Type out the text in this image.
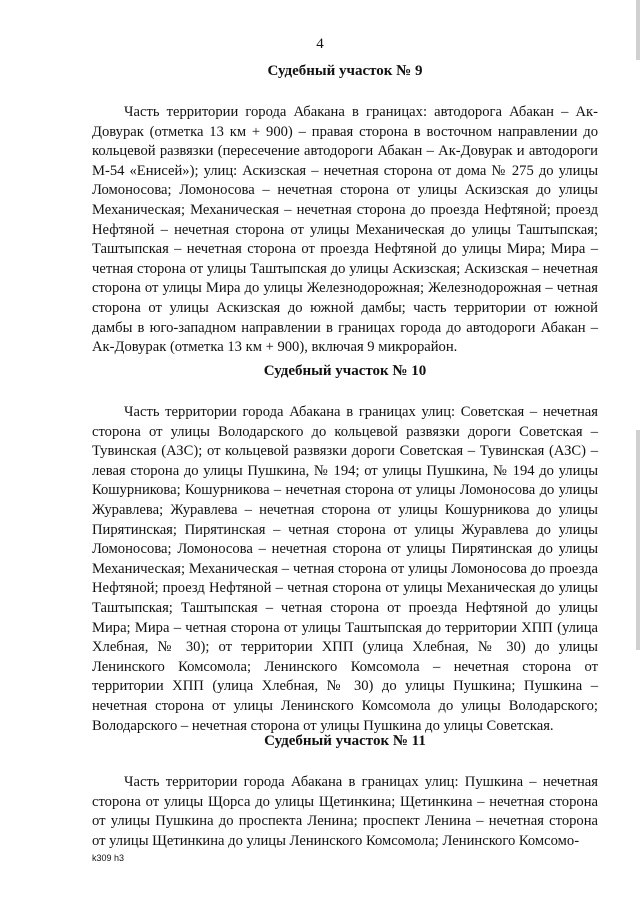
4
Судебный участок № 9

Часть территории города Абакана в границах: автодорога Абакан – Ак-Довурак (отметка 13 км + 900) – правая сторона в восточном направлении до кольцевой развязки (пересечение автодороги Абакан – Ак-Довурак и автодороги М-54 «Енисей»); улиц: Аскизская – нечетная сторона от дома № 275 до улицы Ломоносова; Ломоносова – нечетная сторона от улицы Аскизская до улицы Механическая; Механическая – нечетная сторона до проезда Нефтяной; проезд Нефтяной – нечетная сторона от улицы Механическая до улицы Таштыпская; Таштыпская – нечетная сторона от проезда Нефтяной до улицы Мира; Мира – четная сторона от улицы Таштыпская до улицы Аскизская; Аскизская – нечетная сторона от улицы Мира до улицы Железнодорожная; Железнодорожная – четная сторона от улицы Аскизская до южной дамбы; часть территории от южной дамбы в юго-западном направлении в границах города до автодороги Абакан – Ак-Довурак (отметка 13 км + 900), включая 9 микрорайон.

Судебный участок № 10

Часть территории города Абакана в границах улиц: Советская – нечетная сторона от улицы Володарского до кольцевой развязки дороги Советская – Тувинская (АЗС); от кольцевой развязки дороги Советская – Тувинская (АЗС) – левая сторона до улицы Пушкина, № 194; от улицы Пушкина, № 194 до улицы Кошурникова; Кошурникова – нечетная сторона от улицы Ломоносова до улицы Журавлева; Журавлева – нечетная сторона от улицы Кошурникова до улицы Пирятинская; Пирятинская – четная сторона от улицы Журавлева до улицы Ломоносова; Ломоносова – нечетная сторона от улицы Пирятинская до улицы Механическая; Механическая – четная сторона от улицы Ломоносова до проезда Нефтяной; проезд Нефтяной – четная сторона от улицы Механическая до улицы Таштыпская; Таштыпская – четная сторона от проезда Нефтяной до улицы Мира; Мира – четная сторона от улицы Таштыпская до территории ХПП (улица Хлебная, № 30); от территории ХПП (улица Хлебная, № 30) до улицы Ленинского Комсомола; Ленинского Комсомола – нечетная сторона от территории ХПП (улица Хлебная, № 30) до улицы Пушкина; Пушкина – нечетная сторона от улицы Ленинского Комсомола до улицы Володарского; Володарского – нечетная сторона от улицы Пушкина до улицы Советская.

Судебный участок № 11

Часть территории города Абакана в границах улиц: Пушкина – нечетная сторона от улицы Щорса до улицы Щетинкина; Щетинкина – нечетная сторона от улицы Пушкина до проспекта Ленина; проспект Ленина – нечетная сторона от улицы Щетинкина до улицы Ленинского Комсомола; Ленинского Комсомо-

k309 h3
